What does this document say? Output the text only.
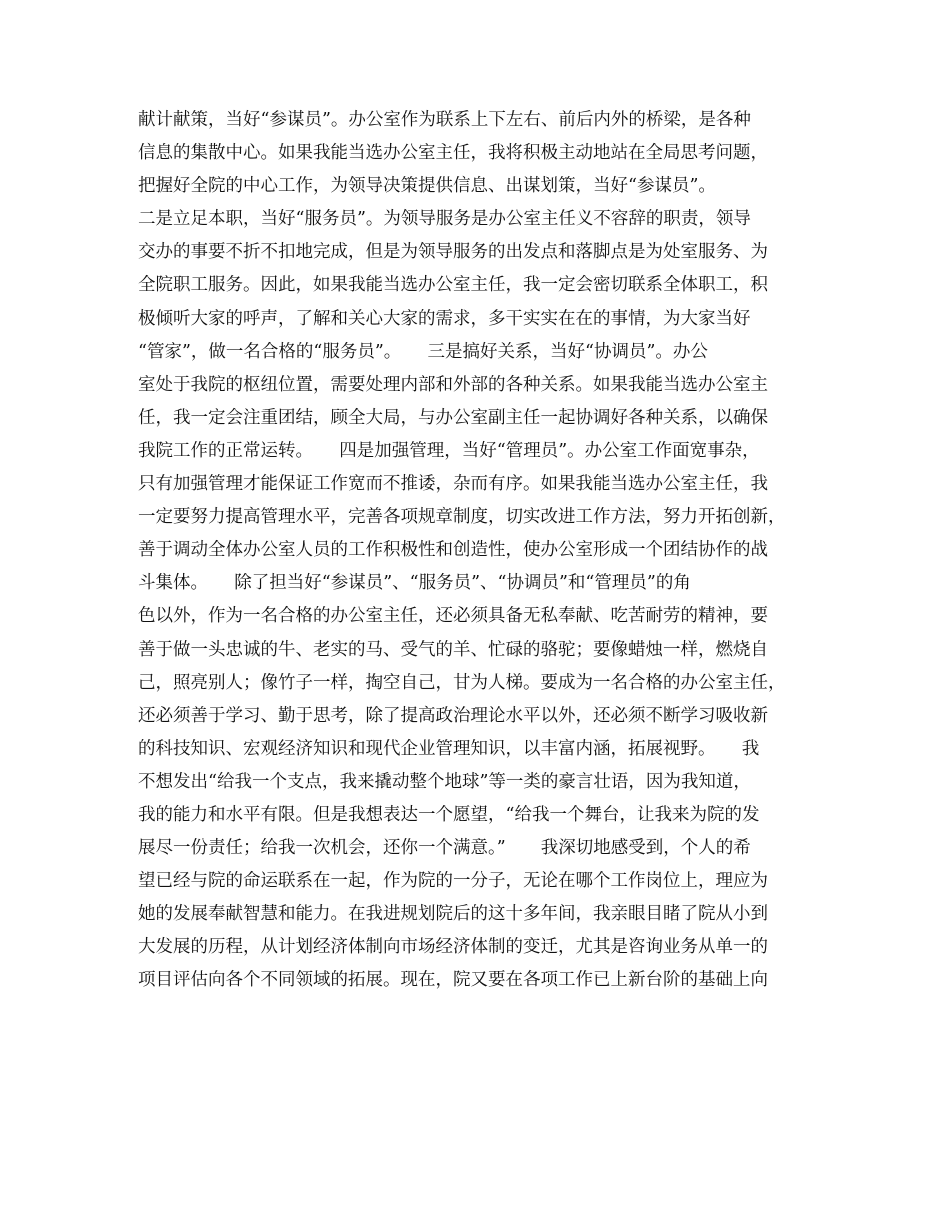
献计献策，当好“参谋员”。办公室作为联系上下左右、前后内外的桥梁，是各种
信息的集散中心。如果我能当选办公室主任，我将积极主动地站在全局思考问题，
把握好全院的中心工作，为领导决策提供信息、出谋划策，当好“参谋员”。
二是立足本职，当好“服务员”。为领导服务是办公室主任义不容辞的职责，领导
交办的事要不折不扣地完成，但是为领导服务的出发点和落脚点是为处室服务、为
全院职工服务。因此，如果我能当选办公室主任，我一定会密切联系全体职工，积
极倾听大家的呼声，了解和关心大家的需求，多干实实在在的事情，为大家当好
“管家”，做一名合格的“服务员”。　　三是搞好关系，当好“协调员”。办公
室处于我院的枢纽位置，需要处理内部和外部的各种关系。如果我能当选办公室主
任，我一定会注重团结，顾全大局，与办公室副主任一起协调好各种关系，以确保
我院工作的正常运转。　　四是加强管理，当好“管理员”。办公室工作面宽事杂，
只有加强管理才能保证工作宽而不推诿，杂而有序。如果我能当选办公室主任，我
一定要努力提高管理水平，完善各项规章制度，切实改进工作方法，努力开拓创新，
善于调动全体办公室人员的工作积极性和创造性，使办公室形成一个团结协作的战
斗集体。　　除了担当好“参谋员”、“服务员”、“协调员”和“管理员”的角
色以外，作为一名合格的办公室主任，还必须具备无私奉献、吃苦耐劳的精神，要
善于做一头忠诚的牛、老实的马、受气的羊、忙碌的骆驼；要像蜡烛一样，燃烧自
己，照亮别人；像竹子一样，掏空自己，甘为人梯。要成为一名合格的办公室主任，
还必须善于学习、勤于思考，除了提高政治理论水平以外，还必须不断学习吸收新
的科技知识、宏观经济知识和现代企业管理知识，以丰富内涵，拓展视野。　　我
不想发出“给我一个支点，我来撬动整个地球”等一类的豪言壮语，因为我知道，
我的能力和水平有限。但是我想表达一个愿望，“给我一个舞台，让我来为院的发
展尽一份责任；给我一次机会，还你一个满意。”　　我深切地感受到，个人的希
望已经与院的命运联系在一起，作为院的一分子，无论在哪个工作岗位上，理应为
她的发展奉献智慧和能力。在我进规划院后的这十多年间，我亲眼目睹了院从小到
大发展的历程，从计划经济体制向市场经济体制的变迁，尤其是咨询业务从单一的
项目评估向各个不同领域的拓展。现在，院又要在各项工作已上新台阶的基础上向
